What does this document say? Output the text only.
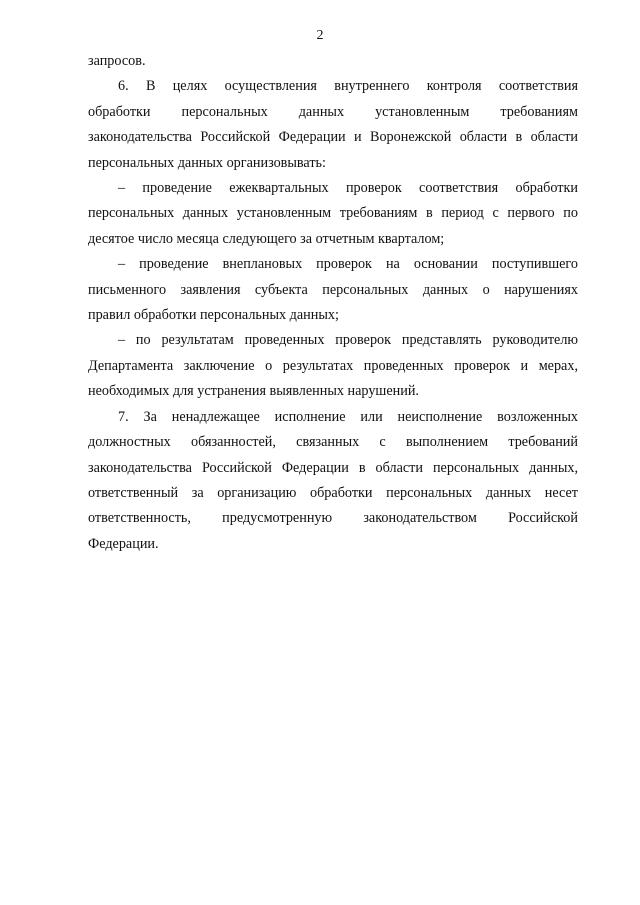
2
запросов.
6. В целях осуществления внутреннего контроля соответствия
обработки персональных данных установленным требованиям
законодательства Российской Федерации и Воронежской области в области
персональных данных организовывать:
– проведение ежеквартальных проверок соответствия обработки
персональных данных установленным требованиям в период с первого по
десятое число месяца следующего за отчетным кварталом;
– проведение внеплановых проверок на основании поступившего
письменного заявления субъекта персональных данных о нарушениях
правил обработки персональных данных;
– по результатам проведенных проверок представлять руководителю
Департамента заключение о результатах проведенных проверок и мерах,
необходимых для устранения выявленных нарушений.
7. За ненадлежащее исполнение или неисполнение возложенных
должностных обязанностей, связанных с выполнением требований
законодательства Российской Федерации в области персональных данных,
ответственный за организацию обработки персональных данных несет
ответственность, предусмотренную законодательством Российской
Федерации.
